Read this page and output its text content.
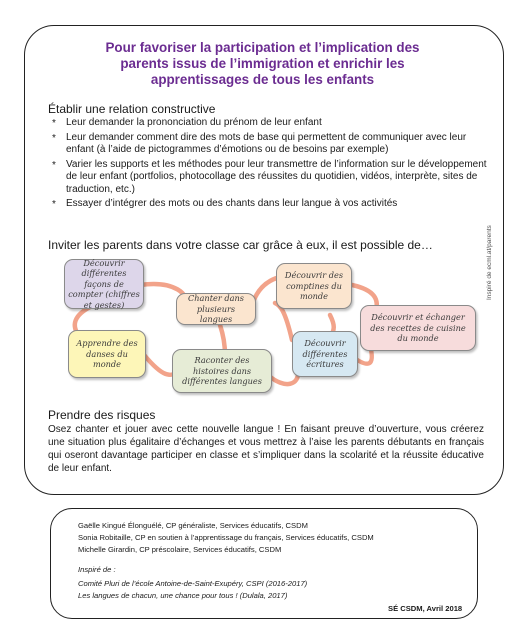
Pour favoriser la participation et l’implication des
parents issus de l’immigration et enrichir les
apprentissages de tous les enfants
Établir une relation constructive
* Leur demander la prononciation du prénom de leur enfant
* Leur demander comment dire des mots de base qui permettent de communiquer avec leur enfant (à l’aide de pictogrammes d’émotions ou de besoins par exemple)
* Varier les supports et les méthodes pour leur transmettre de l’information sur le développement de leur enfant (portfolios, photocollage des réussites du quotidien, vidéos, interprète, sites de traduction, etc.)
* Essayer d’intégrer des mots ou des chants dans leur langue à vos activités
Inviter les parents dans votre classe car grâce à eux, il est possible de…
Découvrir différentes façons de compter (chiffres et gestes)
Chanter dans plusieurs langues
Découvrir des comptines du monde
Découvrir et échanger des recettes de cuisine du monde
Apprendre des danses du monde	Raconter des histoires dans différentes langues
Découvrir différentes écritures
Inspiré de ecml.at/parents
Prendre des risques
Osez chanter et jouer avec cette nouvelle langue ! En faisant preuve d’ouverture, vous créerez une situation plus égalitaire d’échanges et vous mettrez à l’aise les parents débutants en français qui oseront davantage participer en classe et s’impliquer dans la scolarité et la réussite éducative de leur enfant.
Gaëlle Kingué Élonguélé, CP généraliste, Services éducatifs, CSDM
Sonia Robitaille, CP en soutien à l’apprentissage du français, Services éducatifs, CSDM
Michelle Girardin, CP préscolaire, Services éducatifs, CSDM
Inspiré de :
Comité Pluri de l’école Antoine-de-Saint-Exupéry, CSPI (2016-2017)
Les langues de chacun, une chance pour tous ! (Dulala, 2017)
SÉ CSDM, Avril 2018
